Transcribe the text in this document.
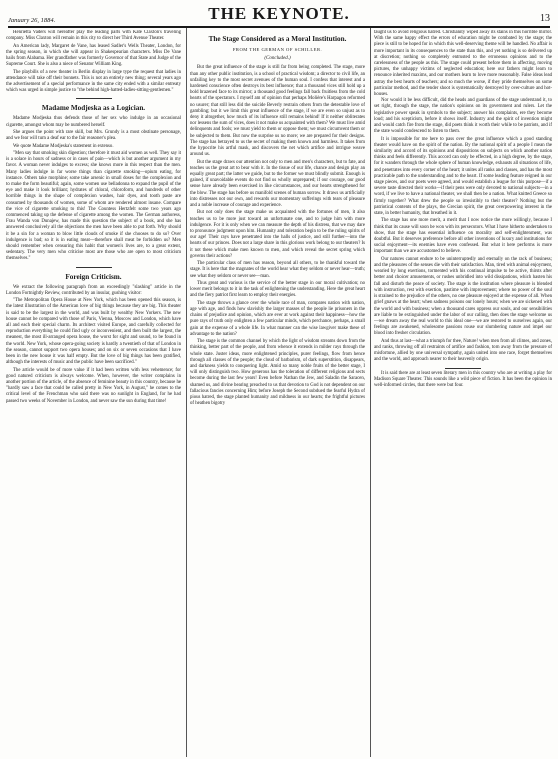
January 26, 1884.	THE KEYNOTE.	13

Henrietta Vaders will hereafter play the leading parts with Kate Claxton's traveling company. Miss Claxton will remain in this city to direct her Third Avenue Theater.

An American lady, Margaret de Vane, has leased Sadler's Wells Theater, London, for the spring season, in which she will appear in Shakespearian characters. Miss De Vane hails from Alabama. Her grandfather was formerly Governor of that State and Judge of the Supreme Court. She is also a niece of Senator William King.

The playbills of a new theater in Berlin display in large type the request that ladies in attendance will take off their bonnets. This is not an entirely new thing; several years ago the advertisement of a special performance in the same city ended with a similar entreaty which was urged in simple justice to "the behind high-hatted-ladies-sitting-gentlemen."

Madame Modjeska as a Logician.

Madame Modjeska thus defends those of her sex who indulge in an occasional cigarette, amongst whom may be numbered herself.

She argues the point with rare skill, but Mrs. Grundy is a most obstinate personage, and we fear will turn a deaf ear to the fair reasoner's plea.

We quote Madame Modjeska's statement in extenso.

"Men say that smoking skin digestion; therefore it must aid women as well. They say it is a solace in hours of sadness or in cases of pain—which is but another argument in my favor. A woman never indulges to excess; she knows more in this respect than the men. Many ladies indulge in far worse things than cigarette smoking—opium eating, for instance. Others take morphine; some take arsenic in small doses for the complexion and to make the form beautiful; again, some women use belladonna to expand the pupil of the eye and make it look brilliant; hydrates of chloral, chloroform, and hundreds of other horrible things in the shape of complexion washes, hair dyes, and tooth paste are consumed by thousands of women, some of whom are rendered almost insane. Compare the vice of cigarette smoking to this! The Countess Hertzfelt some two years ago commenced taking up the defense of cigarette among the women. The German authoress, Frau Wanda von Dunajew, has made this question the subject of a book, and she has answered conclusively all the objections the men have been able to put forth. Why should it be a sin for a woman to blow little clouds of smoke if she chooses to do so? Over indulgence is bad; so it is in eating meat—therefore shall meat be forbidden us? Men should remember when censuring this habit that women's lives are, to a great extent, sedentary. The very men who criticise most are those who are open to most criticism themselves."

Foreign Criticism.

We extract the following paragraph from an exceedingly "slashing" article in the London Fortnightly Review, contributed by an insular, gushing visitor:

"The Metropolitan Opera House at New York, which has been opened this season, is the latest illustration of the American love of big things because they are big. This theater is said to be the largest in the world, and was built by wealthy New Yorkers. The new house cannot be compared with those of Paris, Vienna, Moscow and London, which have all and each their special charm. Its architect visited Europe, and carefully collected for reproduction everything he could find ugly or inconvenient, and then built the largest, the meanest, the most ill-arranged opera house, the worst for sight and sound, to be found in the world. New York, whose opera-going society is hardly a twentieth of that of London in the season, cannot support two opera houses; and on six or seven occasions that I have been in the new house it was half empty. But the love of big things has been gratified, although the interests of music and the public have been sacrificed."

The article would be of more value if it had been written with less vehemence; for good natured criticism is always welcome. When, however, the writer complains in another portion of the article, of the absence of feminine beauty in this country, because he "hardly saw a face that could be called pretty in New York, in August," he comes to the critical level of the Frenchman who said there was no sunlight in England, for he had passed two weeks of November in London, and never saw the sun during that time!

The Stage Considered as a Moral Institution.
FROM THE GERMAN OF SCHILLER.
(Concluded.)

But the great influence of the stage is still far from being completed. The stage, more than any other public institution, is a school of practical wisdom; a director to civil life, an unfailing key to the most secret avenues of the human soul. I confess that interest and a hardened conscience often destroys its best influence; that a thousand vices still hold up a bold brazened face to its mirror; a thousand good feelings fall back fruitless from the cold hearts of the spectators. I myself am of opinion that perhaps Molière's Harpagon reformed no usurer; that still less did the suicide Beverly restrain others from the detestable love of gambling; but it we limit this great influence of the stage, if we are even so unjust as to deny it altogether, how much of its influence still remains behind! If it neither obliterates nor lessens the sum of vices, does it not make us acquainted with them? We must live amid delinquents and fools; we must yield to them or oppose them; we must circumvent them or be subjected to them. But now the surprise us no more; we are prepared for their designs. The stage has betrayed to us the secret of making them known and harmless. It takes from the hypocrite his artful mask, and discovers the net which artifice and intrigue weave around us.

But the stage draws our attention not only to men and men's characters, but to fate, and teaches us the great art to bear with it. In the tissue of our life, chance and design play an equally great part; the latter we guide, but to the former we must blindly submit. Enough is gained, if unavoidable events do not find us wholly unprepared; if our courage, our good sense have already been exercised in like circumstances, and our hearts strengthened for the blow. The stage has before us manifold scenes of human sorrow. It draws us artificially into distresses not our own, and rewards our momentary sufferings with tears of pleasure and a noble increase of courage and experience.

But not only does the stage make us acquainted with the fortunes of men, it also teaches us to be more just toward an unfortunate one, and to judge him with more indulgence. For it is only when we can measure the depth of his distress, that we may dare to pronounce judgment upon him. Humanity and toleration begin to be the ruling spirits of our age! Their rays have penetrated into the halls of justice, and still further—into the hearts of our princes. Does not a large share in this glorious work belong to our theaters? Is it not these which make men known to men, and which reveal the secret spring which governs their actions?

The particular class of men has reason, beyond all others, to be thankful toward the stage. It is here that the magnates of the world hear what they seldom or never hear—truth; see what they seldom or never see—man.

Thus great and various is the service of the better stage in our moral cultivation; no lower merit belongs to it in the task of enlightening the understanding. Here the great heart and the fiery patriot first learn to employ their energies.

The stage throws a glance over the whole race of man, compares nation with nation, age with age, and finds how slavishly the larger masses of the people lie prisoners in the chains of prejudice and opinion, which are ever at work against their happiness—how the pure rays of truth only enlighten a few particular minds, which perchance, perhaps, a small gain at the expense of a whole life. In what manner can the wise lawgiver make these of advantage to the nation?

The stage is the common channel by which the light of wisdom streams down from the thinking, better part of the people, and from whence it extends in milder rays through the whole state. Juster ideas, more enlightened principles, purer feelings, flow from hence through all classes of the people; the cloud of barbarism, of dark superstition, disappears, and darkness yields to conquering light. Amid so many noble fruits of the better stage, I will only distinguish two. How generous has the toleration of different religions and sects become during the last few years! Even before Nathan the Jew, and Saladin the Saracen, shamed us, and divine bearing preached to us that devotion to God is not dependent on our fallacious fancies concerning Him; before Joseph the Second subdued the fearful Hydra of pious hatred, the stage planted humanity and mildness in our hearts; the frightful pictures of heathen bigotry

taught us to avoid religious hatred. Christianity wiped away its stains in this horrible mirror. With the same happy effect the errors of education might be combated by the stage; the piece is still to be hoped for in which this well-deserving theme will be handled. No affair is more important in its consequences to the state than this, and yet nothing is so delivered up at discretion; nothing so completely entrusted to the erroneous opinions and to the carelessness of the people as this. The stage could present before them in affecting, moving pictures, the unhappy victims of neglected education; here our fathers might learn to renounce inherited maxims, and our mothers learn to love more reasonably. False ideas lead astray the best hearts of teachers; and so much the worse, if they pride themselves on some particular method, and the tender shoot is systematically destroyed by over-culture and hot-houses.

Nor would it be less difficult, did the heads and guardians of the stage understand it, to set right, through the stage, the nation's opinions on its government and rulers. Let the legislative power speak in symbols to the subject; answer his complaints, ere they become loud; and his scepticism, before it shows itself. Industry and the spirit of invention might and would catch fire from the stage, did poets think it worth their while to be patriots, and if the state would condescend to listen to them.

It is impossible for me here to pass over the great influence which a good standing theater would have on the spirit of the nation. By the national spirit of a people I mean the similarity and accord of its opinions and dispositions on subjects on which another nation thinks and feels differently. This accord can only be effected, in a high degree, by the stage, for it wanders through the whole sphere of human knowledge, exhausts all situations of life, and penetrates into every corner of the heart; it unites all ranks and classes, and has the most practicable path to the understanding and to the heart. If some leading feature reigned in our stage pieces, and our poets were agreed, and would establish a league for this purpose—if a severe taste directed their works—if their pens were only devoted to national subjects—in a word, if we live to have a national theater, we shall then be a nation. What knitted Greece so firmly together? What drew the people so irresistibly to their theater? Nothing but the patriotical contents of the plays, the Grecian spirit, the great overpowering interest in the state, in better humanity, that breathed in it.

The stage has one more merit, a merit that I now notice the more willingly, because I think that its cause will soon be won with its persecutors. What I have hitherto undertaken to show, that the stage has essential influence on morality and self-enlightenment, was doubtful. But it deserves preference before all other inventions of luxury and institutions for social enjoyment—its enemies have even confessed. But what it here performs is more important than we are accustomed to believe.

Our natures cannot endure to be uninterruptedly and eternally on the rack of business; and the pleasures of the senses die with their satisfaction. Man, tired with animal enjoyment, wearied by long exertions, tormented with his continual impulse to be active, thirsts after better and choicer amusements, or rushes unbridled into wild dissipations, which hasten his fall and disturb the peace of society. The stage is the institution where pleasure is blended with instruction, rest with exertion, pastime with improvement; where no power of the soul is strained to the prejudice of the others, no one pleasure enjoyed at the expense of all. When grief gnaws at the heart; when sadness poisons our lonely hours; when we are sickened with the world and with business; when a thousand cares oppress our souls, and our sensibilities are liable to be extinguished under the labor of our calling, then does the stage welcome us—we dream away the real world to this ideal one—we are restored to ourselves again, our feelings are awakened, wholesome passions rouse our slumbering nature and impel our blood into fresher circulation.

And thus at last—what a triumph for thee, Nature! when men from all climes, and zones, and ranks, throwing off all restraints of artifice and fashion, torn away from the pressure of misfortune, allied by one universal sympathy, again united into one race, forget themselves and the world, and approach nearer to their heavenly origin.

It is said there are at least seven literary men in this country who are at writing a play for Madison Square Theater. This sounds like a wild piece of fiction. It has been the opinion in well-informed circles, that there were but four.
